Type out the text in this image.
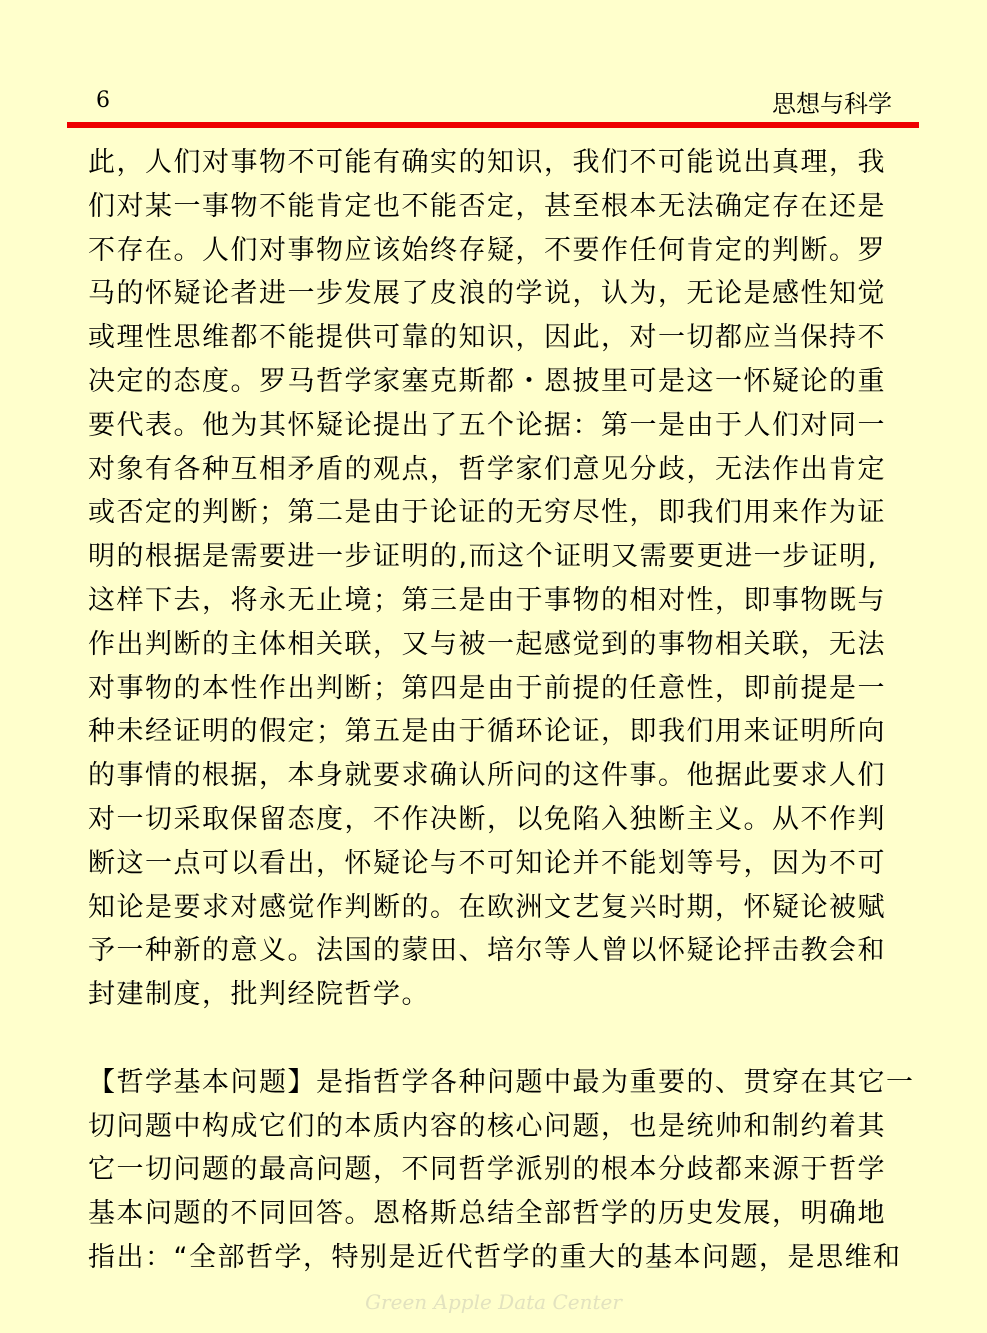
6	思想与科学
此，人们对事物不可能有确实的知识，我们不可能说出真理，我
们对某一事物不能肯定也不能否定，甚至根本无法确定存在还是
不存在。人们对事物应该始终存疑，不要作任何肯定的判断。罗
马的怀疑论者进一步发展了皮浪的学说，认为，无论是感性知觉
或理性思维都不能提供可靠的知识，因此，对一切都应当保持不
决定的态度。罗马哲学家塞克斯都・恩披里可是这一怀疑论的重
要代表。他为其怀疑论提出了五个论据：第一是由于人们对同一
对象有各种互相矛盾的观点，哲学家们意见分歧，无法作出肯定
或否定的判断；第二是由于论证的无穷尽性，即我们用来作为证
明的根据是需要进一步证明的,而这个证明又需要更进一步证明,
这样下去，将永无止境；第三是由于事物的相对性，即事物既与
作出判断的主体相关联，又与被一起感觉到的事物相关联，无法
对事物的本性作出判断；第四是由于前提的任意性，即前提是一
种未经证明的假定；第五是由于循环论证，即我们用来证明所向
的事情的根据，本身就要求确认所问的这件事。他据此要求人们
对一切采取保留态度，不作决断，以免陷入独断主义。从不作判
断这一点可以看出，怀疑论与不可知论并不能划等号，因为不可
知论是要求对感觉作判断的。在欧洲文艺复兴时期，怀疑论被赋
予一种新的意义。法国的蒙田、培尔等人曾以怀疑论抨击教会和
封建制度，批判经院哲学。
【哲学基本问题】是指哲学各种问题中最为重要的、贯穿在其它一
切问题中构成它们的本质内容的核心问题，也是统帅和制约着其
它一切问题的最高问题，不同哲学派别的根本分歧都来源于哲学
基本问题的不同回答。恩格斯总结全部哲学的历史发展，明确地
指出：“全部哲学，特别是近代哲学的重大的基本问题，是思维和
Green Apple Data Center
